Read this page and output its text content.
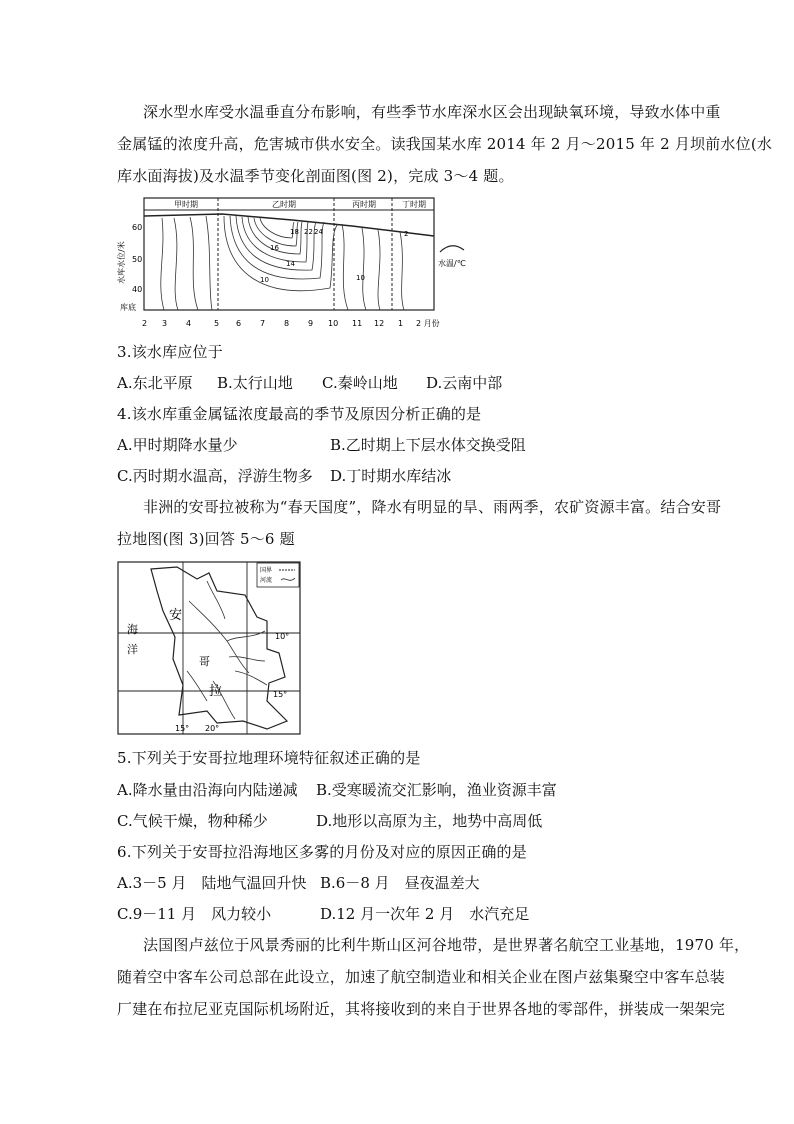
深水型水库受水温垂直分布影响，有些季节水库深水区会出现缺氧环境，导致水体中重
金属锰的浓度升高，危害城市供水安全。读我国某水库 2014 年 2 月～2015 年 2 月坝前水位(水
库水面海拔)及水温季节变化剖面图(图 2)，完成 3～4 题。
甲时期	乙时期	丙时期	丁时期
10
14
16
18 22 24	2
10
水库水位/米
60
50
40
库底
2 3 4	5 6 7 8 9 10 11 12 1 2 月份
水温/℃
3.该水库应位于
A.东北平原 B.太行山地 C.秦岭山地 D.云南中部
4.该水库重金属锰浓度最高的季节及原因分析正确的是
A.甲时期降水量少	B.乙时期上下层水体交换受阻
C.丙时期水温高，浮游生物多 D.丁时期水库结冰
非洲的安哥拉被称为“春天国度”，降水有明显的旱、雨两季，农矿资源丰富。结合安哥
拉地图(图 3)回答 5～6 题
国界
河流
安
哥
拉
海
洋
10°
15°
15° 20°
5.下列关于安哥拉地理环境特征叙述正确的是
A.降水量由沿海向内陆递减 B.受寒暖流交汇影响，渔业资源丰富
C.气候干燥，物种稀少	D.地形以高原为主，地势中高周低
6.下列关于安哥拉沿海地区多雾的月份及对应的原因正确的是
A.3－5 月　陆地气温回升快 B.6－8 月　昼夜温差大
C.9－11 月　风力较小	D.12 月一次年 2 月　水汽充足
法国图卢兹位于风景秀丽的比利牛斯山区河谷地带，是世界著名航空工业基地，1970 年，
随着空中客车公司总部在此设立，加速了航空制造业和相关企业在图卢兹集聚空中客车总装
厂建在布拉尼亚克国际机场附近，其将接收到的来自于世界各地的零部件，拼装成一架架完
